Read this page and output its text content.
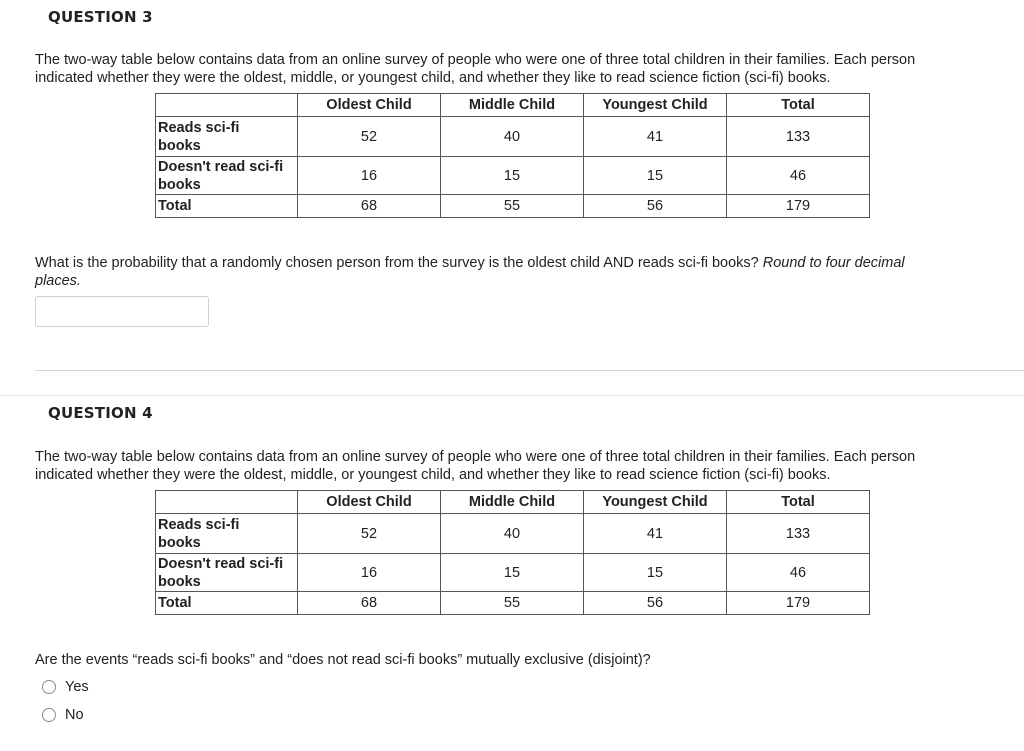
QUESTION 3
The two-way table below contains data from an online survey of people who were one of three total children in their families. Each person
indicated whether they were the oldest, middle, or youngest child, and whether they like to read science fiction (sci-fi) books.
	Oldest Child	Middle Child	Youngest Child	Total
Reads sci-fi
books	52	40	41	133
Doesn't read sci-fi
books	16	15	15	46
Total	68	55	56	179
What is the probability that a randomly chosen person from the survey is the oldest child AND reads sci-fi books? Round to four decimal
places.
QUESTION 4
The two-way table below contains data from an online survey of people who were one of three total children in their families. Each person
indicated whether they were the oldest, middle, or youngest child, and whether they like to read science fiction (sci-fi) books.
	Oldest Child	Middle Child	Youngest Child	Total
Reads sci-fi
books	52	40	41	133
Doesn't read sci-fi
books	16	15	15	46
Total	68	55	56	179
Are the events “reads sci-fi books” and “does not read sci-fi books” mutually exclusive (disjoint)?
Yes
No
